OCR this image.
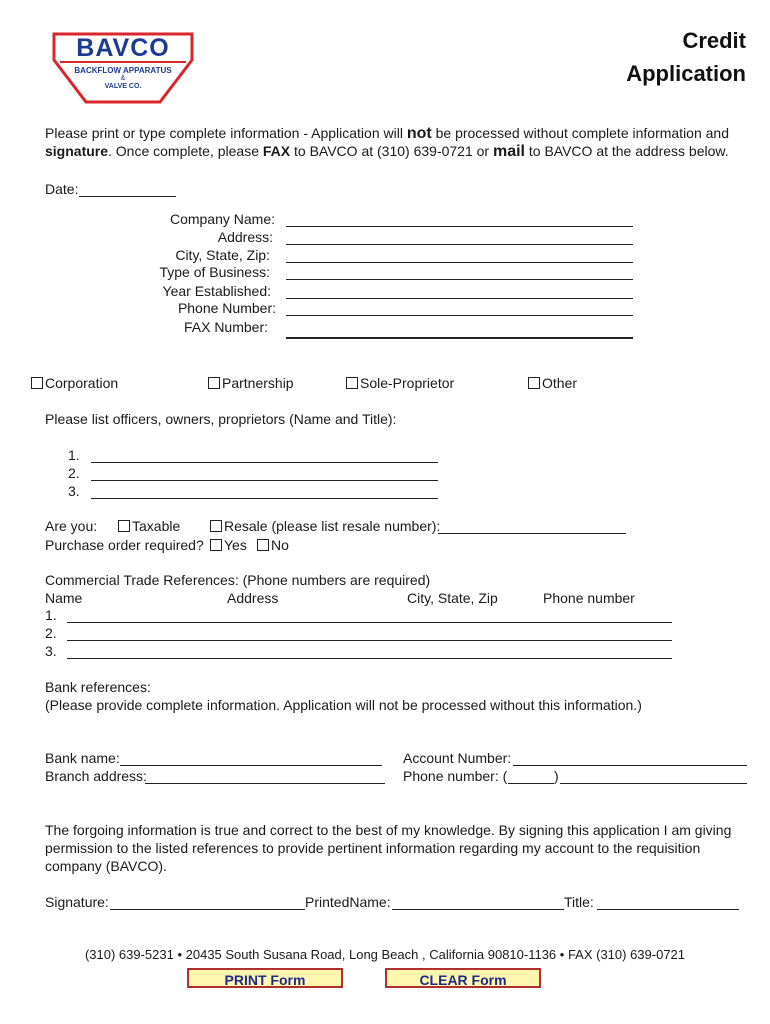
BAVCO
BACKFLOW APPARATUS
&
VALVE CO.
Credit
Application
Please print or type complete information - Application will not be processed without complete information and
signature. Once complete, please FAX to BAVCO at (310) 639-0721 or mail to BAVCO at the address below.
Date:
Company Name:
Address:
City, State, Zip:
Type of Business:
Year Established:
Phone Number:
FAX Number:
Corporation	Partnership	Sole-Proprietor	Other
Please list officers, owners, proprietors (Name and Title):
1.
2.
3.
Are you:	Taxable	Resale (please list resale number):
Purchase order required?	Yes	No
Commercial Trade References: (Phone numbers are required)
Name	Address	City, State, Zip	Phone number
1.
2.
3.
Bank references:
(Please provide complete information. Application will not be processed without this information.)
Bank name:
Branch address:
Account Number:
Phone number: (	)
The forgoing information is true and correct to the best of my knowledge. By signing this application I am giving
permission to the listed references to provide pertinent information regarding my account to the requisition
company (BAVCO).
Signature:	PrintedName:	Title:
(310) 639-5231 • 20435 South Susana Road, Long Beach , California 90810-1136 • FAX (310) 639-0721
PRINT Form	CLEAR Form
